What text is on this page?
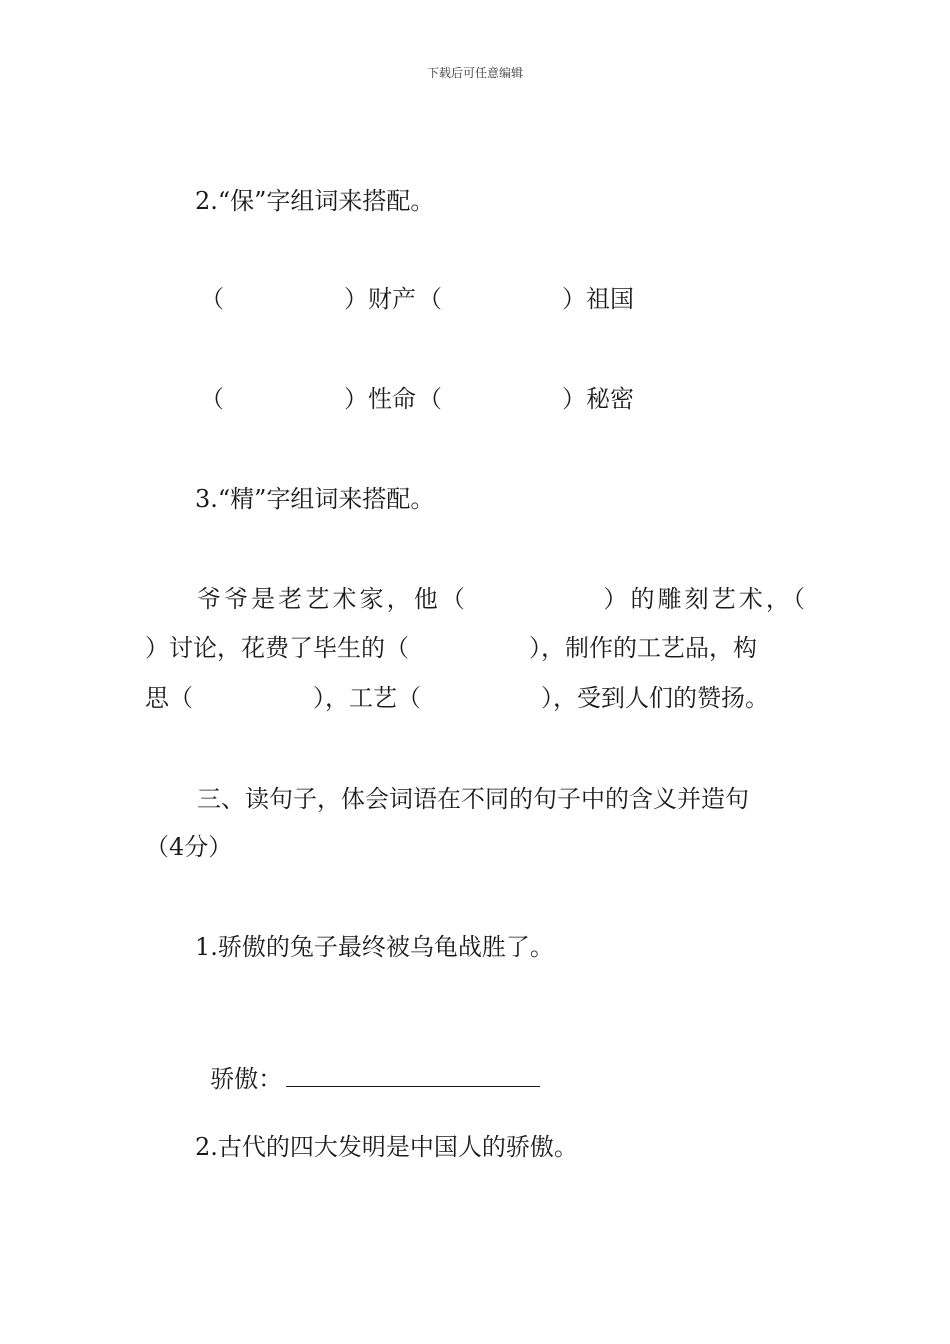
下载后可任意编辑
2.“保”字组词来搭配。
（　　　　　）财产 （　　　　　）祖国
（　　　　　）性命 （　　　　　）秘密
3.“精”字组词来搭配。
爷爷是老艺术家，他（　　　　　）的雕刻艺术，（
）讨论，花费了毕生的（　　　　　），制作的工艺品，构
思（　　　　　），工艺（　　　　　），受到人们的赞扬。
三、读句子，体会词语在不同的句子中的含义并造句
（4分）
1.骄傲的兔子最终被乌龟战胜了。

骄傲：

2.古代的四大发明是中国人的骄傲。
